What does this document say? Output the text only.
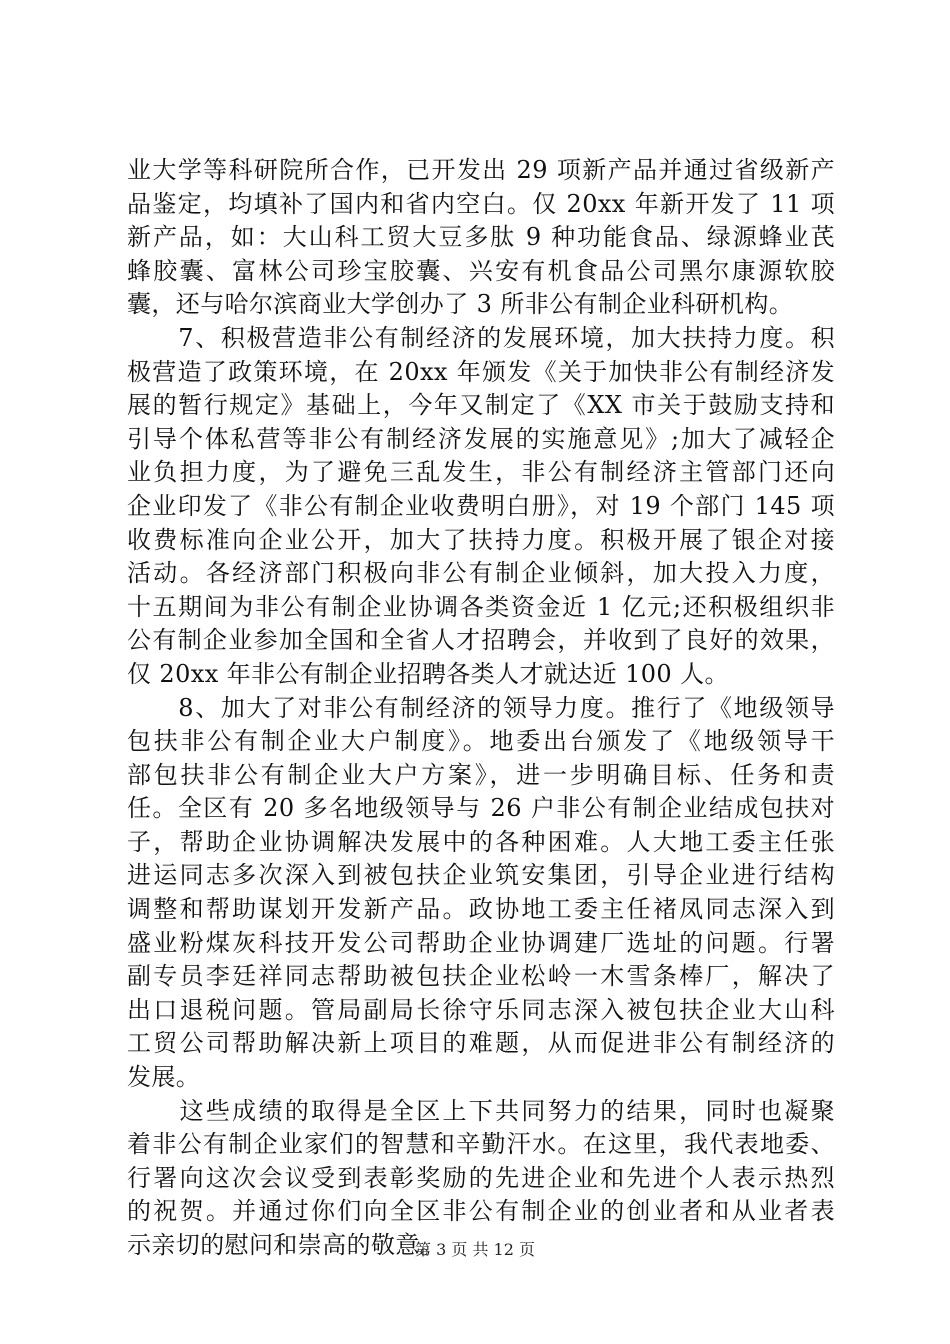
业大学等科研院所合作，已开发出 29 项新产品并通过省级新产
品鉴定，均填补了国内和省内空白。仅 20xx 年新开发了 11 项
新产品，如：大山科工贸大豆多肽 9 种功能食品、绿源蜂业芪
蜂胶囊、富林公司珍宝胶囊、兴安有机食品公司黑尔康源软胶
囊，还与哈尔滨商业大学创办了 3 所非公有制企业科研机构。
　　7、积极营造非公有制经济的发展环境，加大扶持力度。积
极营造了政策环境，在 20xx 年颁发《关于加快非公有制经济发
展的暂行规定》基础上，今年又制定了《XX 市关于鼓励支持和
引导个体私营等非公有制经济发展的实施意见》;加大了减轻企
业负担力度，为了避免三乱发生，非公有制经济主管部门还向
企业印发了《非公有制企业收费明白册》，对 19 个部门 145 项
收费标准向企业公开，加大了扶持力度。积极开展了银企对接
活动。各经济部门积极向非公有制企业倾斜，加大投入力度，
十五期间为非公有制企业协调各类资金近 1 亿元;还积极组织非
公有制企业参加全国和全省人才招聘会，并收到了良好的效果，
仅 20xx 年非公有制企业招聘各类人才就达近 100 人。
　　8、加大了对非公有制经济的领导力度。推行了《地级领导
包扶非公有制企业大户制度》。地委出台颁发了《地级领导干
部包扶非公有制企业大户方案》，进一步明确目标、任务和责
任。全区有 20 多名地级领导与 26 户非公有制企业结成包扶对
子，帮助企业协调解决发展中的各种困难。人大地工委主任张
进运同志多次深入到被包扶企业筑安集团，引导企业进行结构
调整和帮助谋划开发新产品。政协地工委主任褚凤同志深入到
盛业粉煤灰科技开发公司帮助企业协调建厂选址的问题。行署
副专员李廷祥同志帮助被包扶企业松岭一木雪条棒厂，解决了
出口退税问题。管局副局长徐守乐同志深入被包扶企业大山科
工贸公司帮助解决新上项目的难题，从而促进非公有制经济的
发展。
　　这些成绩的取得是全区上下共同努力的结果，同时也凝聚
着非公有制企业家们的智慧和辛勤汗水。在这里，我代表地委、
行署向这次会议受到表彰奖励的先进企业和先进个人表示热烈
的祝贺。并通过你们向全区非公有制企业的创业者和从业者表
示亲切的慰问和崇高的敬意。
第 3 页 共 12 页
